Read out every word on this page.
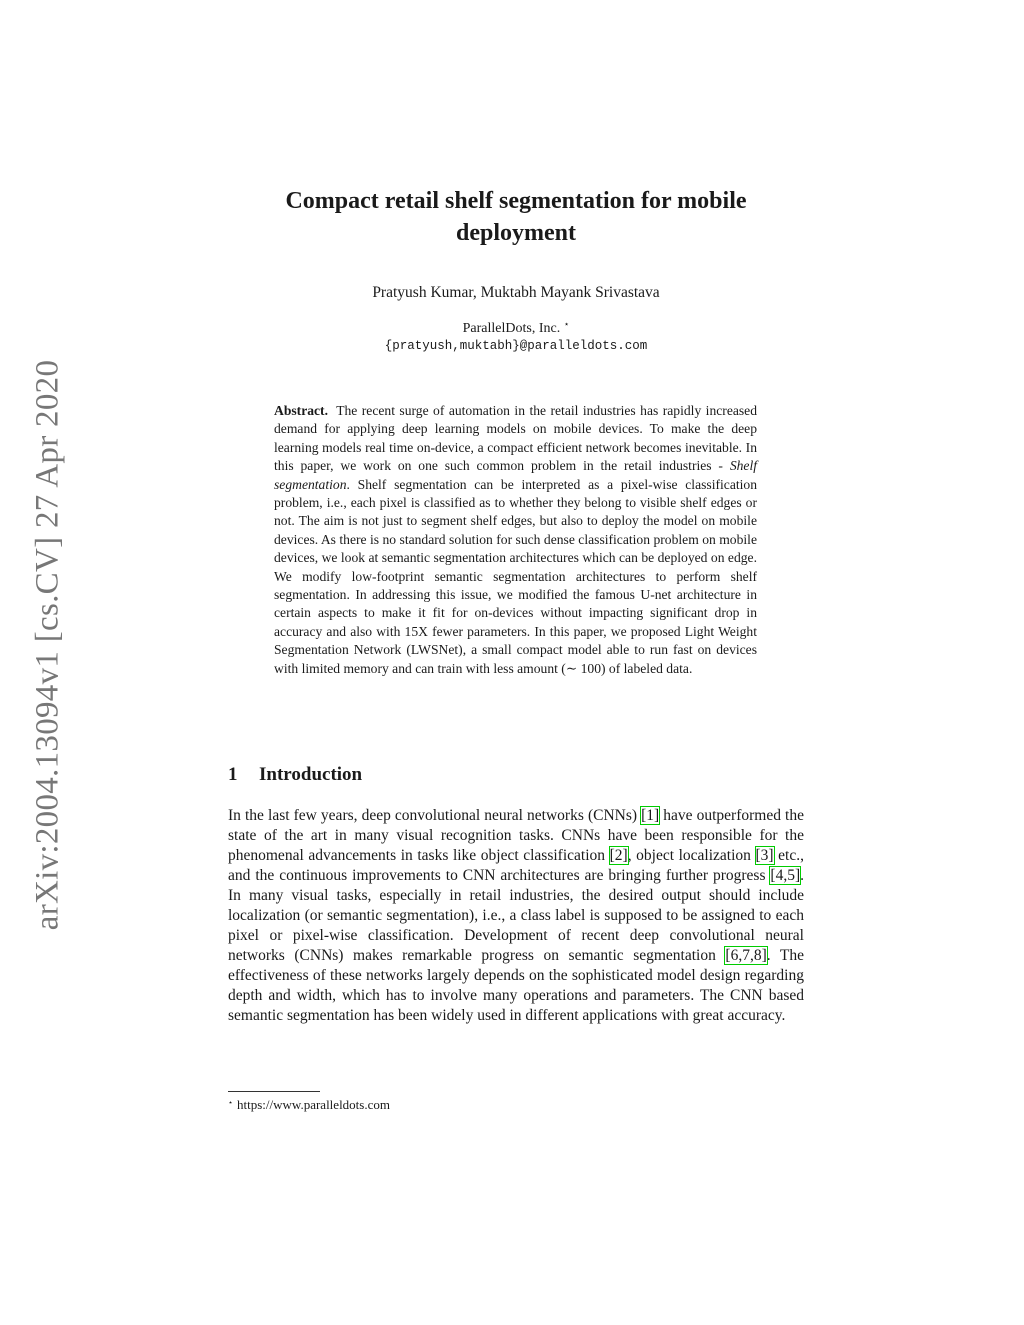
arXiv:2004.13094v1 [cs.CV] 27 Apr 2020
Compact retail shelf segmentation for mobile
deployment
Pratyush Kumar, Muktabh Mayank Srivastava
ParallelDots, Inc. ⋆
{pratyush,muktabh}@paralleldots.com
Abstract. The recent surge of automation in the retail industries has rapidly increased demand for applying deep learning models on mobile devices. To make the deep learning models real time on-device, a compact efficient network becomes inevitable. In this paper, we work on one such common problem in the retail industries - Shelf segmentation. Shelf segmentation can be interpreted as a pixel-wise classification problem, i.e., each pixel is classified as to whether they belong to visible shelf edges or not. The aim is not just to segment shelf edges, but also to deploy the model on mobile devices. As there is no standard solution for such dense classification problem on mobile devices, we look at semantic segmentation architectures which can be deployed on edge. We modify low-footprint semantic segmentation architectures to perform shelf segmentation. In addressing this issue, we modified the famous U-net architecture in certain aspects to make it fit for on-devices without impacting significant drop in accuracy and also with 15X fewer parameters. In this paper, we proposed Light Weight Segmentation Network (LWSNet), a small compact model able to run fast on devices with limited memory and can train with less amount (∼ 100) of labeled data.
1 Introduction
In the last few years, deep convolutional neural networks (CNNs) [1] have outperformed the state of the art in many visual recognition tasks. CNNs have been responsible for the phenomenal advancements in tasks like object classification [2], object localization [3] etc., and the continuous improvements to CNN architectures are bringing further progress [4,5]. In many visual tasks, especially in retail industries, the desired output should include localization (or semantic segmentation), i.e., a class label is supposed to be assigned to each pixel or pixel-wise classification. Development of recent deep convolutional neural networks (CNNs) makes remarkable progress on semantic segmentation [6,7,8]. The effectiveness of these networks largely depends on the sophisticated model design regarding depth and width, which has to involve many operations and parameters. The CNN based semantic segmentation has been widely used in different applications with great accuracy.
⋆ https://www.paralleldots.com
